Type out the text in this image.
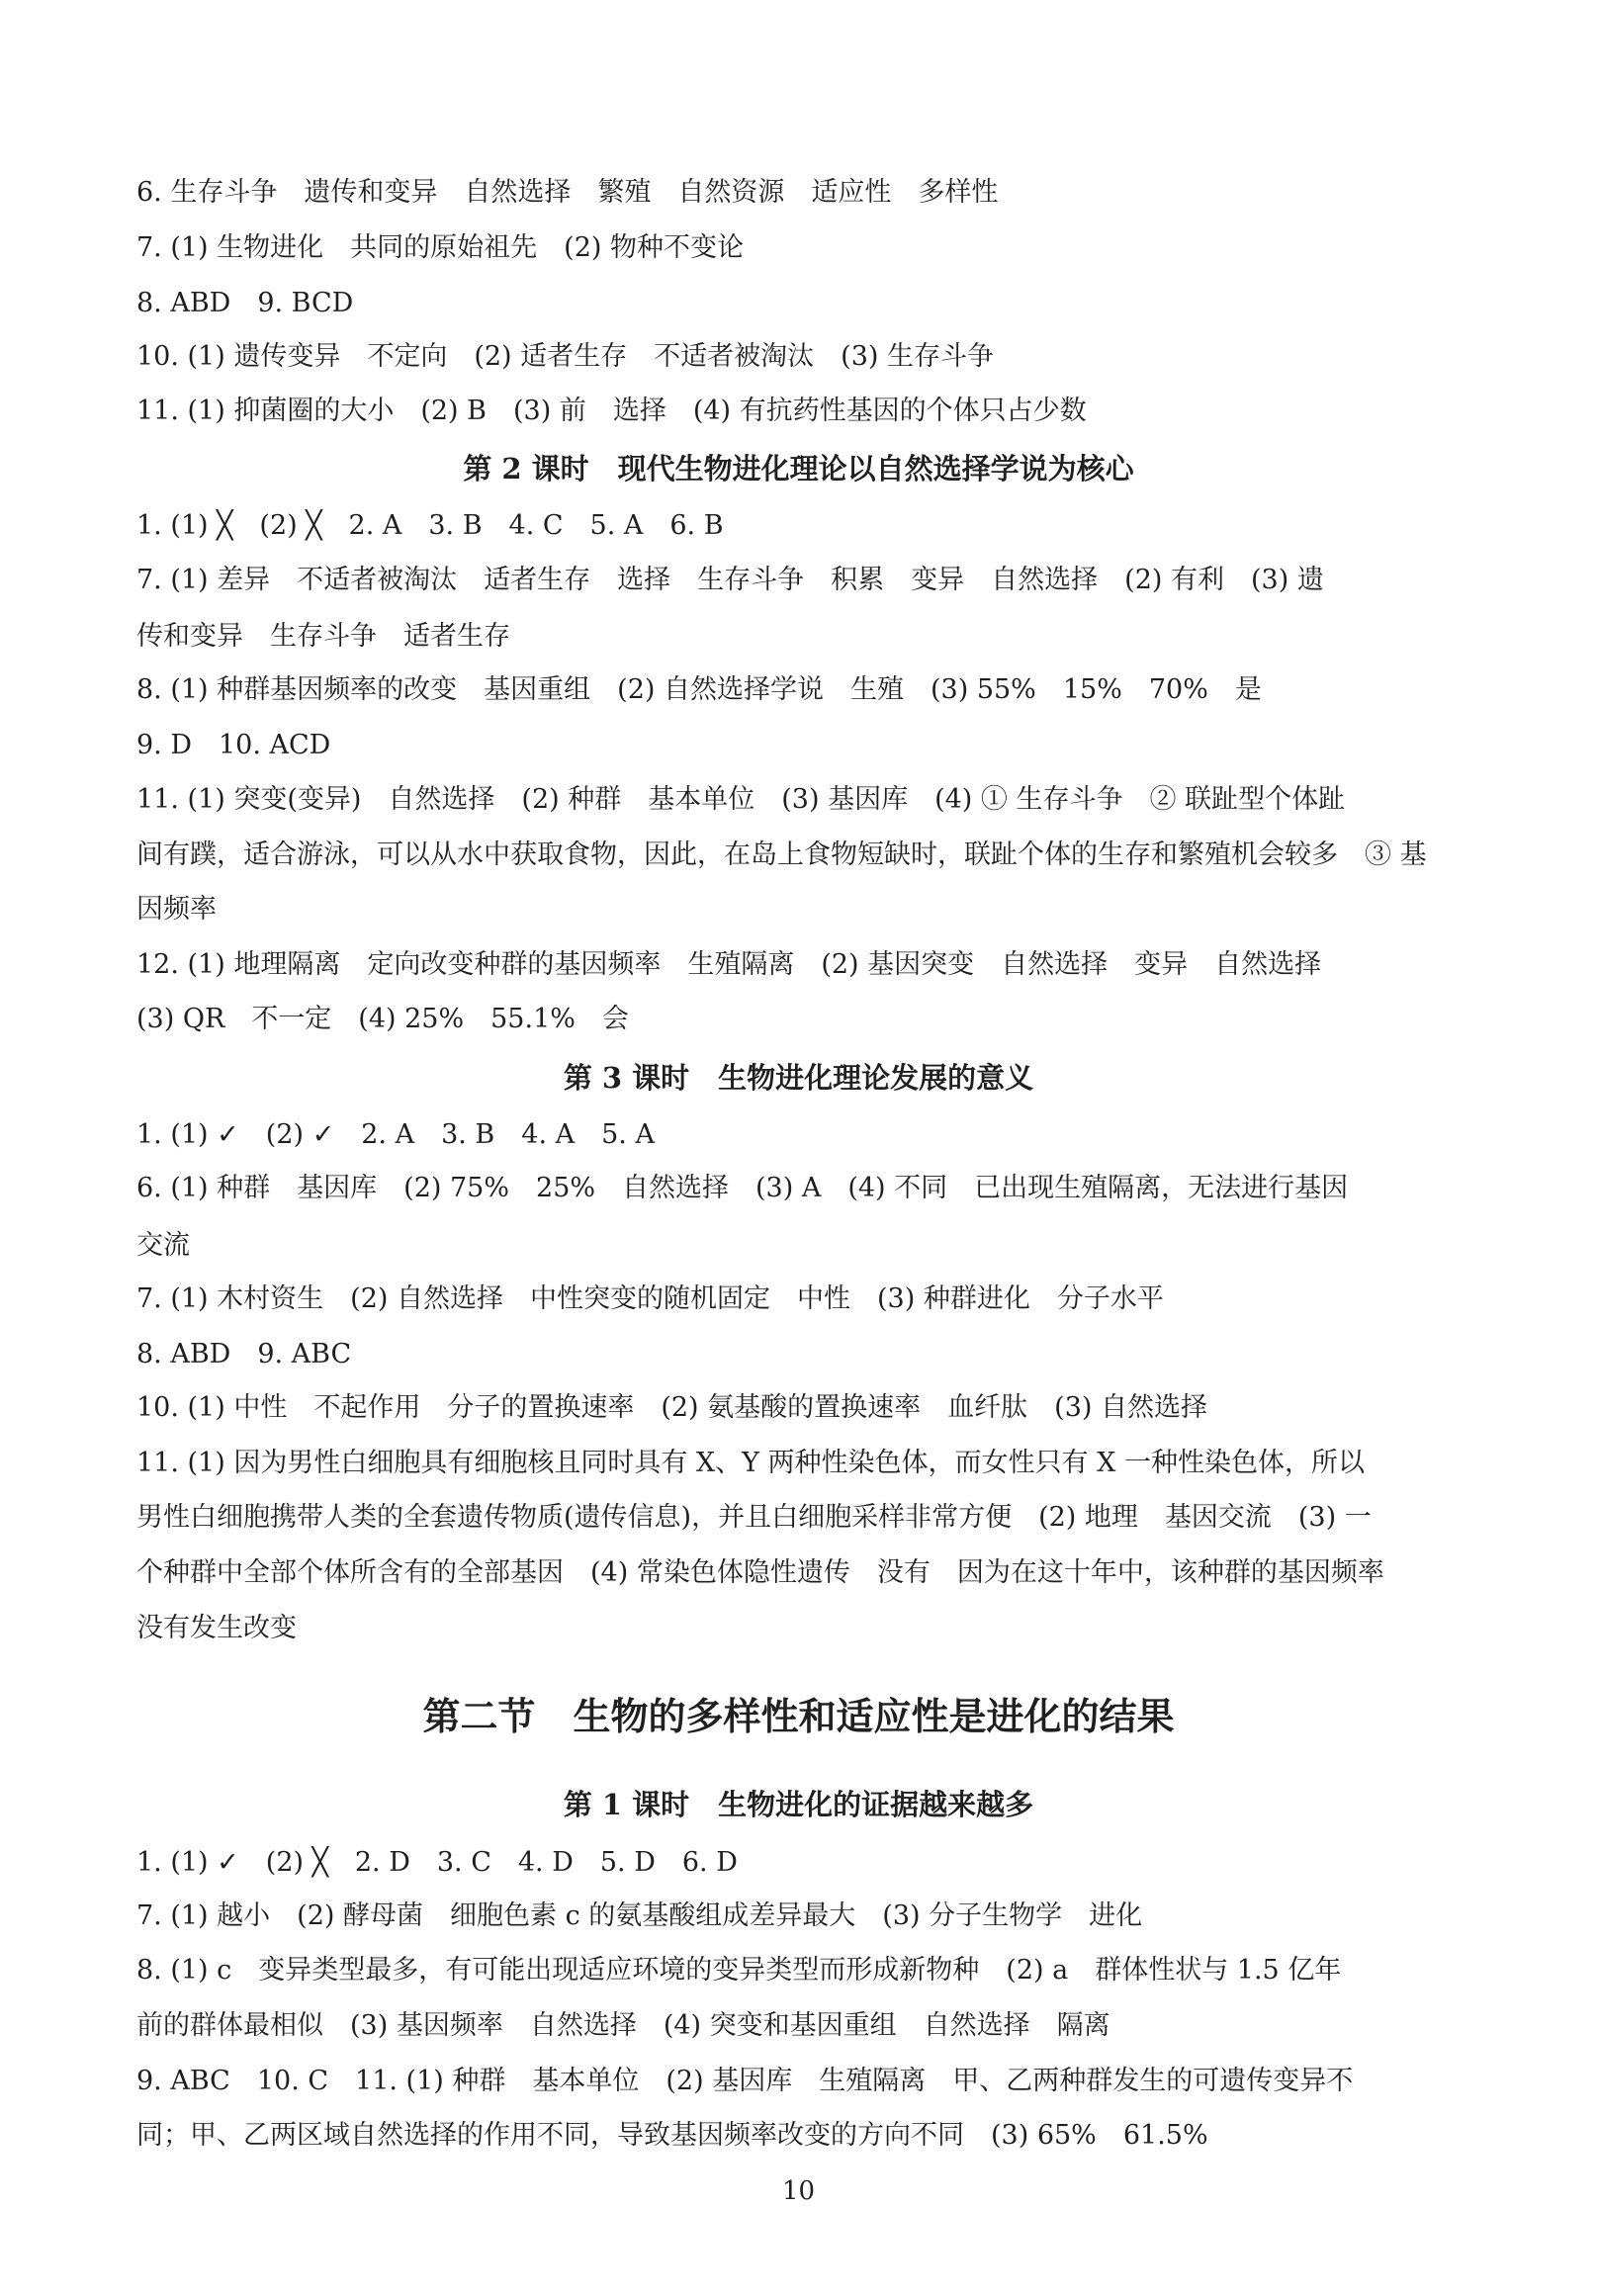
6. 生存斗争　遗传和变异　自然选择　繁殖　自然资源　适应性　多样性
7. (1) 生物进化　共同的原始祖先　(2) 物种不变论
8. ABD　9. BCD
10. (1) 遗传变异　不定向　(2) 适者生存　不适者被淘汰　(3) 生存斗争
11. (1) 抑菌圈的大小　(2) B　(3) 前　选择　(4) 有抗药性基因的个体只占少数
第 2 课时　现代生物进化理论以自然选择学说为核心
1. (1) ╳　(2) ╳　2. A　3. B　4. C　5. A　6. B
7. (1) 差异　不适者被淘汰　适者生存　选择　生存斗争　积累　变异　自然选择　(2) 有利　(3) 遗
传和变异　生存斗争　适者生存
8. (1) 种群基因频率的改变　基因重组　(2) 自然选择学说　生殖　(3) 55%　15%　70%　是
9. D　10. ACD
11. (1) 突变(变异)　自然选择　(2) 种群　基本单位　(3) 基因库　(4) ① 生存斗争　② 联趾型个体趾
间有蹼，适合游泳，可以从水中获取食物，因此，在岛上食物短缺时，联趾个体的生存和繁殖机会较多　③ 基
因频率
12. (1) 地理隔离　定向改变种群的基因频率　生殖隔离　(2) 基因突变　自然选择　变异　自然选择
(3) QR　不一定　(4) 25%　55.1%　会
第 3 课时　生物进化理论发展的意义
1. (1) ✓　(2) ✓　2. A　3. B　4. A　5. A
6. (1) 种群　基因库　(2) 75%　25%　自然选择　(3) A　(4) 不同　已出现生殖隔离，无法进行基因
交流
7. (1) 木村资生　(2) 自然选择　中性突变的随机固定　中性　(3) 种群进化　分子水平
8. ABD　9. ABC
10. (1) 中性　不起作用　分子的置换速率　(2) 氨基酸的置换速率　血纤肽　(3) 自然选择
11. (1) 因为男性白细胞具有细胞核且同时具有 X、Y 两种性染色体，而女性只有 X 一种性染色体，所以
男性白细胞携带人类的全套遗传物质(遗传信息)，并且白细胞采样非常方便　(2) 地理　基因交流　(3) 一
个种群中全部个体所含有的全部基因　(4) 常染色体隐性遗传　没有　因为在这十年中，该种群的基因频率
没有发生改变
第二节　生物的多样性和适应性是进化的结果
第 1 课时　生物进化的证据越来越多
1. (1) ✓　(2) ╳　2. D　3. C　4. D　5. D　6. D
7. (1) 越小　(2) 酵母菌　细胞色素 c 的氨基酸组成差异最大　(3) 分子生物学　进化
8. (1) c　变异类型最多，有可能出现适应环境的变异类型而形成新物种　(2) a　群体性状与 1.5 亿年
前的群体最相似　(3) 基因频率　自然选择　(4) 突变和基因重组　自然选择　隔离
9. ABC　10. C　11. (1) 种群　基本单位　(2) 基因库　生殖隔离　甲、乙两种群发生的可遗传变异不
同；甲、乙两区域自然选择的作用不同，导致基因频率改变的方向不同　(3) 65%　61.5%
10
